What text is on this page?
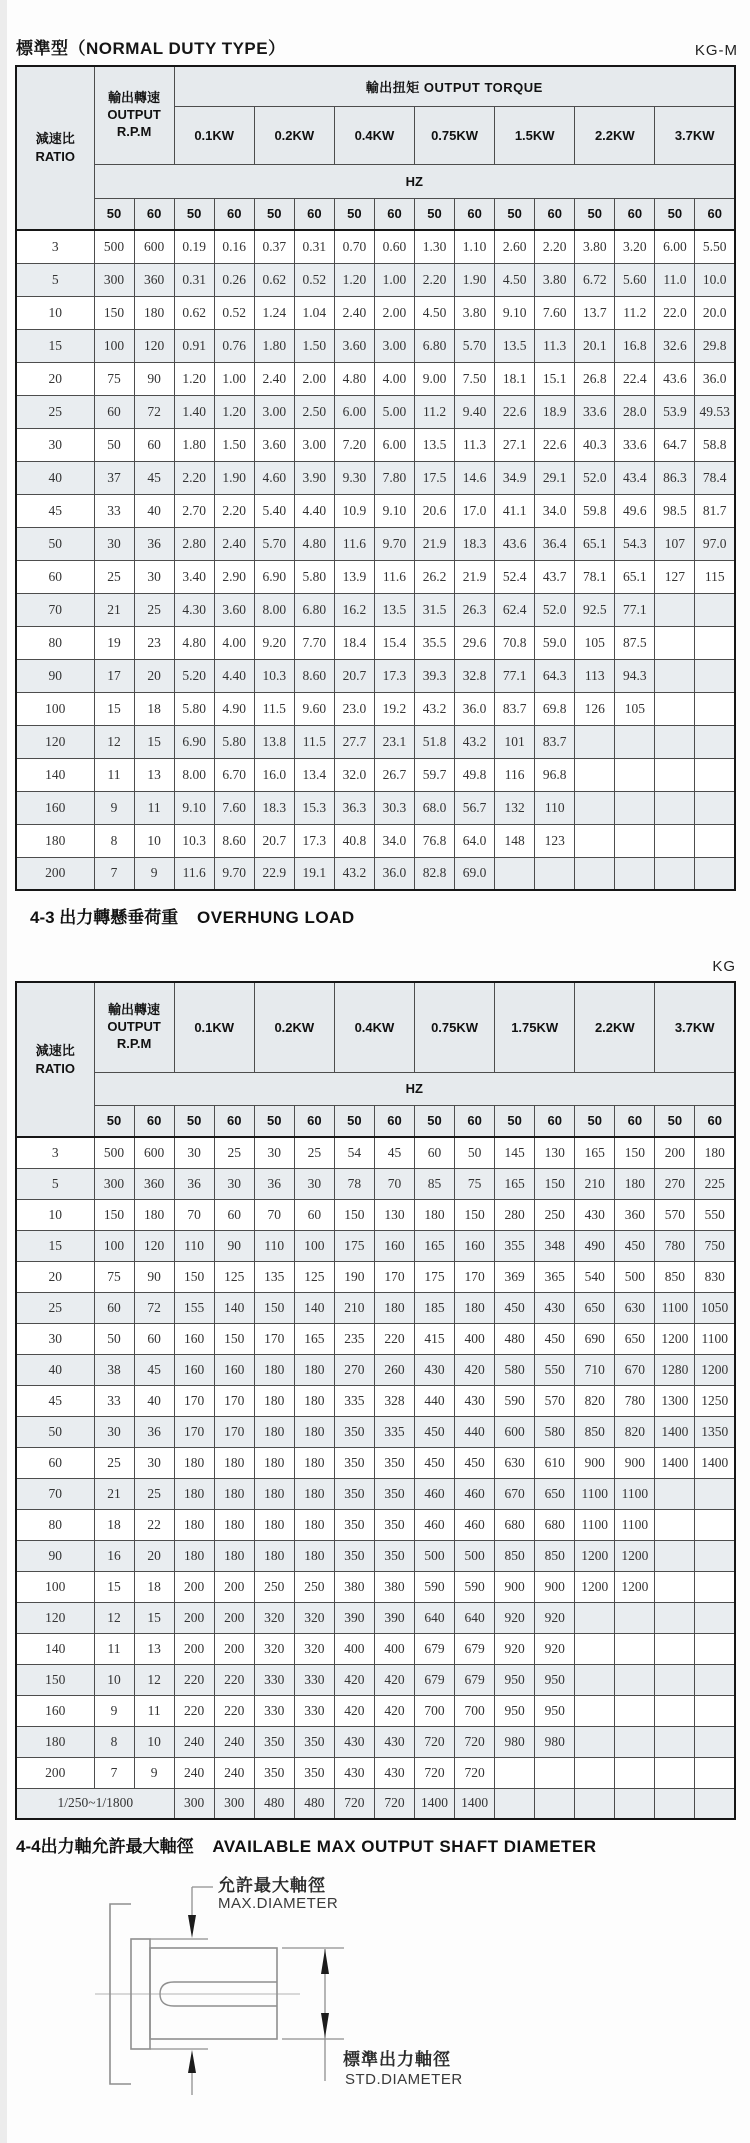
標準型（NORMAL DUTY TYPE）	KG-M
減速比
RATIO	輸出轉速
OUTPUT
R.P.M		輸出扭矩 OUTPUT TORQUE													
			0.1KW		0.2KW		0.4KW		0.75KW		1.5KW		2.2KW		3.7KW	
	HZ															
	50	60	50	60	50	60	50	60	50	60	50	60	50	60	50	60
3	500	600	0.19	0.16	0.37	0.31	0.70	0.60	1.30	1.10	2.60	2.20	3.80	3.20	6.00	5.50
5	300	360	0.31	0.26	0.62	0.52	1.20	1.00	2.20	1.90	4.50	3.80	6.72	5.60	11.0	10.0
10	150	180	0.62	0.52	1.24	1.04	2.40	2.00	4.50	3.80	9.10	7.60	13.7	11.2	22.0	20.0
15	100	120	0.91	0.76	1.80	1.50	3.60	3.00	6.80	5.70	13.5	11.3	20.1	16.8	32.6	29.8
20	75	90	1.20	1.00	2.40	2.00	4.80	4.00	9.00	7.50	18.1	15.1	26.8	22.4	43.6	36.0
25	60	72	1.40	1.20	3.00	2.50	6.00	5.00	11.2	9.40	22.6	18.9	33.6	28.0	53.9	49.53
30	50	60	1.80	1.50	3.60	3.00	7.20	6.00	13.5	11.3	27.1	22.6	40.3	33.6	64.7	58.8
40	37	45	2.20	1.90	4.60	3.90	9.30	7.80	17.5	14.6	34.9	29.1	52.0	43.4	86.3	78.4
45	33	40	2.70	2.20	5.40	4.40	10.9	9.10	20.6	17.0	41.1	34.0	59.8	49.6	98.5	81.7
50	30	36	2.80	2.40	5.70	4.80	11.6	9.70	21.9	18.3	43.6	36.4	65.1	54.3	107	97.0
60	25	30	3.40	2.90	6.90	5.80	13.9	11.6	26.2	21.9	52.4	43.7	78.1	65.1	127	115
70	21	25	4.30	3.60	8.00	6.80	16.2	13.5	31.5	26.3	62.4	52.0	92.5	77.1		
80	19	23	4.80	4.00	9.20	7.70	18.4	15.4	35.5	29.6	70.8	59.0	105	87.5		
90	17	20	5.20	4.40	10.3	8.60	20.7	17.3	39.3	32.8	77.1	64.3	113	94.3		
100	15	18	5.80	4.90	11.5	9.60	23.0	19.2	43.2	36.0	83.7	69.8	126	105		
120	12	15	6.90	5.80	13.8	11.5	27.7	23.1	51.8	43.2	101	83.7				
140	11	13	8.00	6.70	16.0	13.4	32.0	26.7	59.7	49.8	116	96.8				
160	9	11	9.10	7.60	18.3	15.3	36.3	30.3	68.0	56.7	132	110				
180	8	10	10.3	8.60	20.7	17.3	40.8	34.0	76.8	64.0	148	123				
200	7	9	11.6	9.70	22.9	19.1	43.2	36.0	82.8	69.0						
4-3 出力轉懸垂荷重 OVERHUNG LOAD
KG
減速比
RATIO	輸出轉速
OUTPUT
R.P.M		0.1KW		0.2KW		0.4KW		0.75KW		1.75KW		2.2KW		3.7KW	
	HZ															
	50	60	50	60	50	60	50	60	50	60	50	60	50	60	50	60
3	500	600	30	25	30	25	54	45	60	50	145	130	165	150	200	180
5	300	360	36	30	36	30	78	70	85	75	165	150	210	180	270	225
10	150	180	70	60	70	60	150	130	180	150	280	250	430	360	570	550
15	100	120	110	90	110	100	175	160	165	160	355	348	490	450	780	750
20	75	90	150	125	135	125	190	170	175	170	369	365	540	500	850	830
25	60	72	155	140	150	140	210	180	185	180	450	430	650	630	1100	1050
30	50	60	160	150	170	165	235	220	415	400	480	450	690	650	1200	1100
40	38	45	160	160	180	180	270	260	430	420	580	550	710	670	1280	1200
45	33	40	170	170	180	180	335	328	440	430	590	570	820	780	1300	1250
50	30	36	170	170	180	180	350	335	450	440	600	580	850	820	1400	1350
60	25	30	180	180	180	180	350	350	450	450	630	610	900	900	1400	1400
70	21	25	180	180	180	180	350	350	460	460	670	650	1100	1100		
80	18	22	180	180	180	180	350	350	460	460	680	680	1100	1100		
90	16	20	180	180	180	180	350	350	500	500	850	850	1200	1200		
100	15	18	200	200	250	250	380	380	590	590	900	900	1200	1200		
120	12	15	200	200	320	320	390	390	640	640	920	920				
140	11	13	200	200	320	320	400	400	679	679	920	920				
150	10	12	220	220	330	330	420	420	679	679	950	950				
160	9	11	220	220	330	330	420	420	700	700	950	950				
180	8	10	240	240	350	350	430	430	720	720	980	980				
200	7	9	240	240	350	350	430	430	720	720						
1/250~1/1800			300	300	480	480	720	720	1400	1400						
4-4出力軸允許最大軸徑 AVAILABLE MAX OUTPUT SHAFT DIAMETER
允許最大軸徑
MAX.DIAMETER
標準出力軸徑
STD.DIAMETER
